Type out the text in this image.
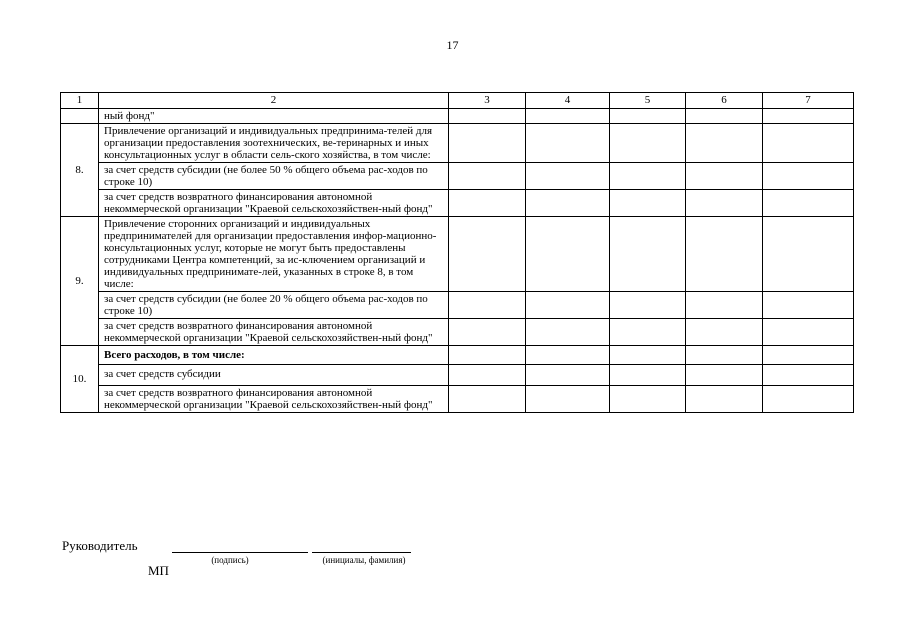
17
1	2	3	4	5	6	7
	ный фонд"					
8.	Привлечение организаций и индивидуальных предпринима-телей для организации предоставления зоотехнических, ве-теринарных и иных консультационных услуг в области сель-ского хозяйства, в том числе:					
	за счет средств субсидии (не более 50 % общего объема рас-ходов по строке 10)					
	за счет средств возвратного финансирования автономной некоммерческой организации "Краевой сельскохозяйствен-ный фонд"					
9.	Привлечение сторонних организаций и индивидуальных предпринимателей для организации предоставления инфор-мационно-консультационных услуг, которые не могут быть предоставлены сотрудниками Центра компетенций, за ис-ключением организаций и индивидуальных предпринимате-лей, указанных в строке 8, в том числе:					
	за счет средств субсидии (не более 20 % общего объема рас-ходов по строке 10)					
	за счет средств возвратного финансирования автономной некоммерческой организации "Краевой сельскохозяйствен-ный фонд"					
10.	Всего расходов, в том числе:					
	за счет средств субсидии					
	за счет средств возвратного финансирования автономной некоммерческой организации "Краевой сельскохозяйствен-ный фонд"					
Руководитель
(подпись)	(инициалы, фамилия)
МП
